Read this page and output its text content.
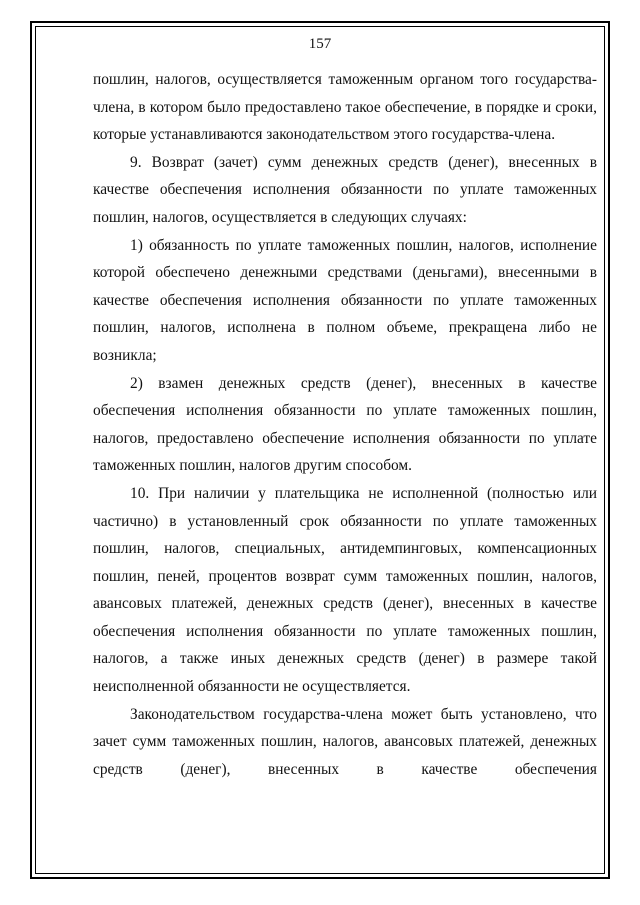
157

пошлин, налогов, осуществляется таможенным органом того государства-члена, в котором было предоставлено такое обеспечение, в порядке и сроки, которые устанавливаются законодательством этого государства-члена.

9. Возврат (зачет) сумм денежных средств (денег), внесенных в качестве обеспечения исполнения обязанности по уплате таможенных пошлин, налогов, осуществляется в следующих случаях:

1) обязанность по уплате таможенных пошлин, налогов, исполнение которой обеспечено денежными средствами (деньгами), внесенными в качестве обеспечения исполнения обязанности по уплате таможенных пошлин, налогов, исполнена в полном объеме, прекращена либо не возникла;

2) взамен денежных средств (денег), внесенных в качестве обеспечения исполнения обязанности по уплате таможенных пошлин, налогов, предоставлено обеспечение исполнения обязанности по уплате таможенных пошлин, налогов другим способом.

10. При наличии у плательщика не исполненной (полностью или частично) в установленный срок обязанности по уплате таможенных пошлин, налогов, специальных, антидемпинговых, компенсационных пошлин, пеней, процентов возврат сумм таможенных пошлин, налогов, авансовых платежей, денежных средств (денег), внесенных в качестве обеспечения исполнения обязанности по уплате таможенных пошлин, налогов, а также иных денежных средств (денег) в размере такой неисполненной обязанности не осуществляется.

Законодательством государства-члена может быть установлено, что зачет сумм таможенных пошлин, налогов, авансовых платежей, денежных средств (денег), внесенных в качестве обеспечения
